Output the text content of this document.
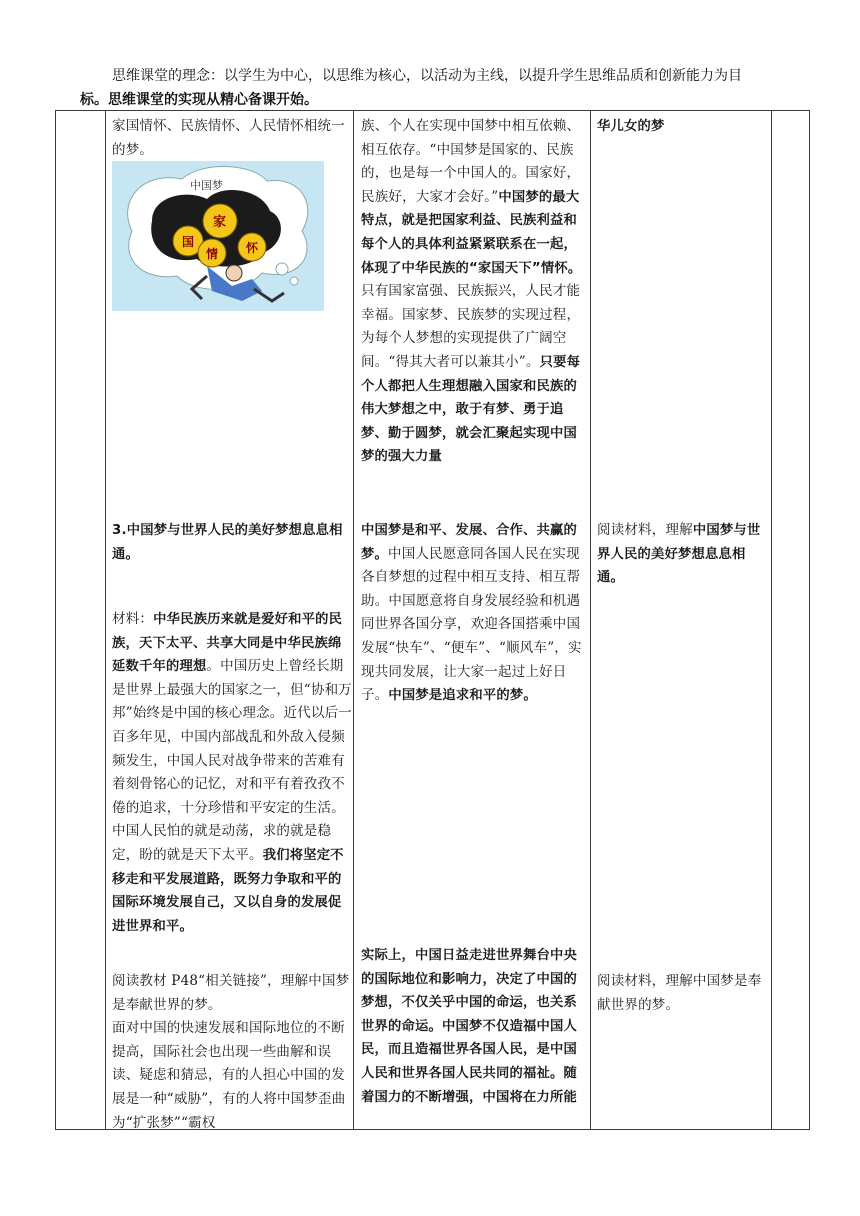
思维课堂的理念：以学生为中心，以思维为核心，以活动为主线，以提升学生思维品质和创新能力为目

标。思维课堂的实现从精心备课开始。

家国情怀、民族情怀、人民情怀相统一的梦。

中国梦
家
国
情 怀

3.中国梦与世界人民的美好梦想息息相通。

材料：中华民族历来就是爱好和平的民族，天下太平、共享大同是中华民族绵延数千年的理想。中国历史上曾经长期是世界上最强大的国家之一，但“协和万邦”始终是中国的核心理念。近代以后一百多年见，中国内部战乱和外敌入侵频频发生，中国人民对战争带来的苦难有着刻骨铭心的记忆，对和平有着孜孜不倦的追求，十分珍惜和平安定的生活。中国人民怕的就是动荡，求的就是稳定，盼的就是天下太平。我们将坚定不移走和平发展道路，既努力争取和平的国际环境发展自己，又以自身的发展促进世界和平。

阅读教材 P48“相关链接”，理解中国梦是奉献世界的梦。

面对中国的快速发展和国际地位的不断提高，国际社会也出现一些曲解和误读、疑虑和猜忌，有的人担心中国的发展是一种“威胁”，有的人将中国梦歪曲为“扩张梦”“霸权

族、个人在实现中国梦中相互依赖、相互依存。“中国梦是国家的、民族的，也是每一个中国人的。国家好，民族好，大家才会好。”中国梦的最大特点，就是把国家利益、民族利益和每个人的具体利益紧紧联系在一起，体现了中华民族的“家国天下”情怀。只有国家富强、民族振兴，人民才能幸福。国家梦、民族梦的实现过程，为每个人梦想的实现提供了广阔空间。“得其大者可以兼其小”。只要每个人都把人生理想融入国家和民族的伟大梦想之中，敢于有梦、勇于追梦、勤于圆梦，就会汇聚起实现中国梦的强大力量

中国梦是和平、发展、合作、共赢的梦。中国人民愿意同各国人民在实现各自梦想的过程中相互支持、相互帮助。中国愿意将自身发展经验和机遇同世界各国分享，欢迎各国搭乘中国发展“快车”、“便车”、“顺风车”，实现共同发展，让大家一起过上好日子。中国梦是追求和平的梦。

实际上，中国日益走进世界舞台中央的国际地位和影响力，决定了中国的梦想，不仅关乎中国的命运，也关系世界的命运。中国梦不仅造福中国人民，而且造福世界各国人民，是中国人民和世界各国人民共同的福祉。随着国力的不断增强，中国将在力所能

华儿女的梦

阅读材料，理解中国梦与世界人民的美好梦想息息相通。

阅读材料，理解中国梦是奉献世界的梦。
